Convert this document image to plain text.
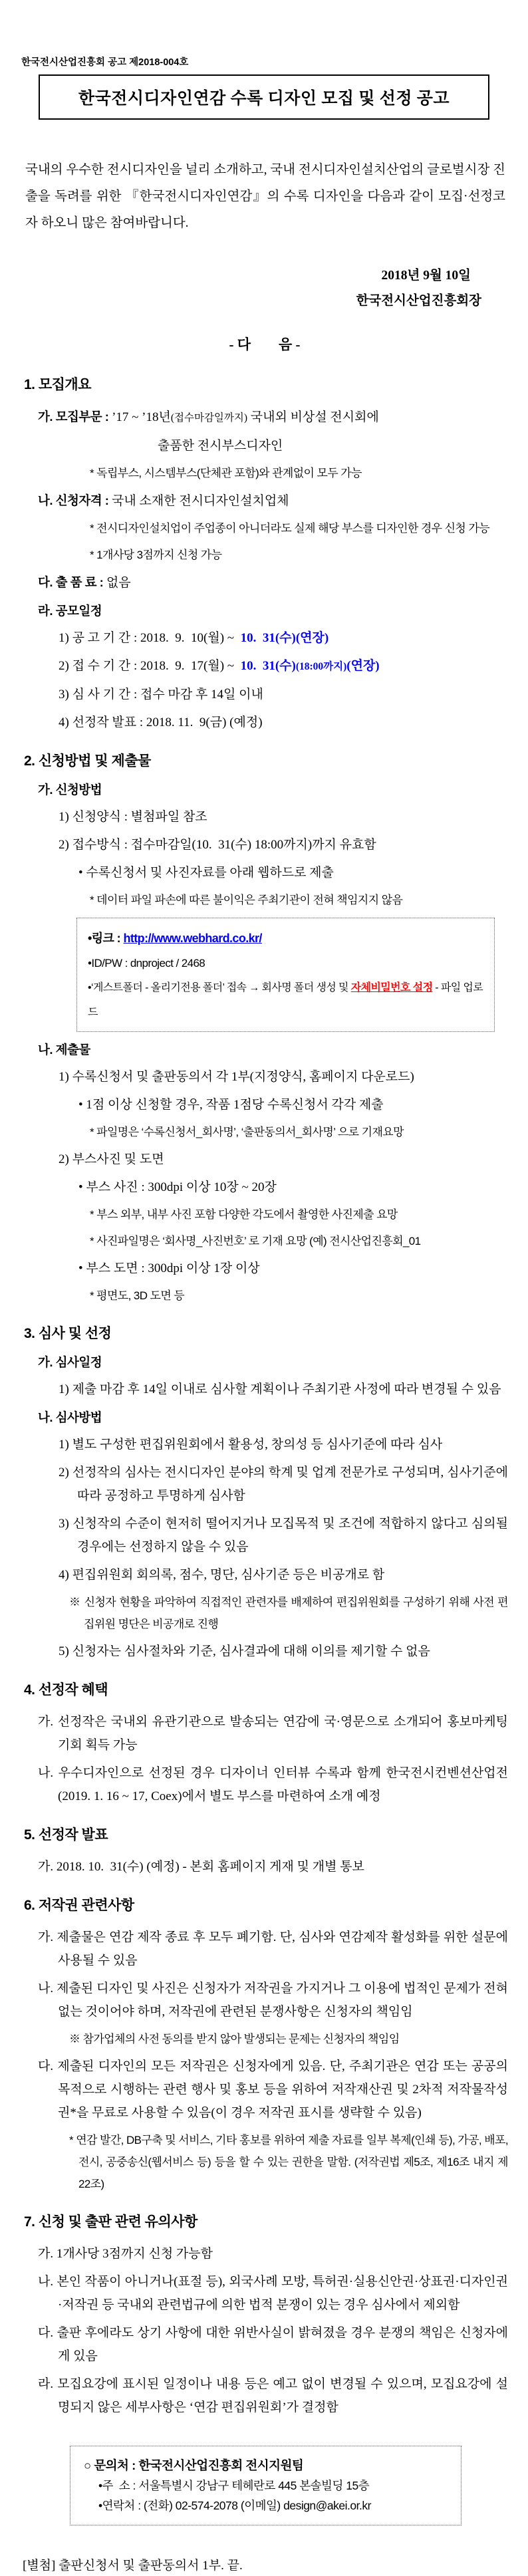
한국전시산업진흥회 공고 제2018-004호
한국전시디자인연감 수록 디자인 모집 및 선정 공고

국내의 우수한 전시디자인을 널리 소개하고, 국내 전시디자인설치산업의 글로벌시장 진출을 독려를 위한 『한국전시디자인연감』의 수록 디자인을 다음과 같이 모집·선정코자 하오니 많은 참여바랍니다.

2018년 9월 10일
한국전시산업진흥회장
- 다        음 -
1. 모집개요

가. 모집부문 : ’17 ~ ’18년(접수마감일까지) 국내외 비상설 전시회에

출품한 전시부스디자인

* 독립부스, 시스템부스(단체관 포함)와 관계없이 모두 가능

나. 신청자격 : 국내 소재한 전시디자인설치업체

* 전시디자인설치업이 주업종이 아니더라도 실제 해당 부스를 디자인한 경우 신청 가능

* 1개사당 3점까지 신청 가능

다. 출 품 료 : 없음

라. 공모일정

1) 공 고 기 간 : 2018.  9.  10(월) ~  10.  31(수)(연장)

2) 접 수 기 간 : 2018.  9.  17(월) ~  10.  31(수)(18:00까지)(연장)

3) 심 사 기 간 : 접수 마감 후 14일 이내

4) 선정작 발표 : 2018. 11.  9(금) (예정)

2. 신청방법 및 제출물

가. 신청방법

1) 신청양식 : 별첨파일 참조

2) 접수방식 : 접수마감일(10.  31(수) 18:00까지)까지 유효함

• 수록신청서 및 사진자료를 아래 웹하드로 제출

* 데이터 파일 파손에 따른 불이익은 주최기관이 전혀 책임지지 않음

•링크 : http://www.webhard.co.kr/
•ID/PW : dnproject / 2468
•‘게스트폴더 - 올리기전용 폴더’ 접속 → 회사명 폴더 생성 및 자체비밀번호 설정 - 파일 업로드

나. 제출물

1) 수록신청서 및 출판동의서 각 1부(지정양식, 홈페이지 다운로드)

• 1점 이상 신청할 경우, 작품 1점당 수록신청서 각각 제출

* 파일명은 ‘수록신청서_회사명’, ‘출판동의서_회사명’ 으로 기재요망

2) 부스사진 및 도면

• 부스 사진 : 300dpi 이상 10장 ~ 20장

* 부스 외부, 내부 사진 포함 다양한 각도에서 촬영한 사진제출 요망

* 사진파일명은 ‘회사명_사진번호’ 로 기재 요망 (예) 전시산업진흥회_01

• 부스 도면 : 300dpi 이상 1장 이상

* 평면도, 3D 도면 등

3. 심사 및 선정

가. 심사일정

1) 제출 마감 후 14일 이내로 심사할 계획이나 주최기관 사정에 따라 변경될 수 있음

나. 심사방법

1) 별도 구성한 편집위원회에서 활용성, 창의성 등 심사기준에 따라 심사

2) 선정작의 심사는 전시디자인 분야의 학계 및 업계 전문가로 구성되며, 심사기준에 따라 공정하고 투명하게 심사함

3) 신청작의 수준이 현저히 떨어지거나 모집목적 및 조건에 적합하지 않다고 심의될 경우에는 선정하지 않을 수 있음

4) 편집위원회 회의록, 점수, 명단, 심사기준 등은 비공개로 함

※ 신청자 현황을 파악하여 직접적인 관련자를 배제하여 편집위원회를 구성하기 위해 사전 편집위원 명단은 비공개로 진행

5) 신청자는 심사절차와 기준, 심사결과에 대해 이의를 제기할 수 없음

4. 선정작 혜택

가. 선정작은 국내외 유관기관으로 발송되는 연감에 국·영문으로 소개되어 홍보마케팅 기회 획득 가능

나. 우수디자인으로 선정된 경우 디자이너 인터뷰 수록과 함께 한국전시컨벤션산업전(2019. 1. 16 ~ 17, Coex)에서 별도 부스를 마련하여 소개 예정

5. 선정작 발표

가. 2018. 10.  31(수) (예정) - 본회 홈페이지 게재 및 개별 통보

6. 저작권 관련사항

가. 제출물은 연감 제작 종료 후 모두 폐기함. 단, 심사와 연감제작 활성화를 위한 설문에 사용될 수 있음

나. 제출된 디자인 및 사진은 신청자가 저작권을 가지거나 그 이용에 법적인 문제가 전혀 없는 것이어야 하며, 저작권에 관련된 분쟁사항은 신청자의 책임임

※ 참가업체의 사전 동의를 받지 않아 발생되는 문제는 신청자의 책임임

다. 제출된 디자인의 모든 저작권은 신청자에게 있음. 단, 주최기관은 연감 또는 공공의 목적으로 시행하는 관련 행사 및 홍보 등을 위하여 저작재산권 및 2차적 저작물작성권*을 무료로 사용할 수 있음(이 경우 저작권 표시를 생략할 수 있음)

* 연감 발간, DB구축 및 서비스, 기타 홍보를 위하여 제출 자료를 일부 복제(인쇄 등), 가공, 배포, 전시, 공중송신(웹서비스 등) 등을 할 수 있는 권한을 말함. (저작권법 제5조, 제16조 내지 제22조)

7. 신청 및 출판 관련 유의사항

가. 1개사당 3점까지 신청 가능함

나. 본인 작품이 아니거나(표절 등), 외국사례 모방, 특허권·실용신안권·상표권·디자인권·저작권 등 국내외 관련법규에 의한 법적 분쟁이 있는 경우 심사에서 제외함

다. 출판 후에라도 상기 사항에 대한 위반사실이 밝혀졌을 경우 분쟁의 책임은 신청자에게 있음

라. 모집요강에 표시된 일정이나 내용 등은 예고 없이 변경될 수 있으며, 모집요강에 설명되지 않은 세부사항은 ‘연감 편집위원회’가 결정함

○ 문의처 : 한국전시산업진흥회 전시지원팀
•주  소 : 서울특별시 강남구 테헤란로 445 본솔빌딩 15층
•연락처 : (전화) 02-574-2078 (이메일) design@akei.or.kr

[별첨] 출판신청서 및 출판동의서 1부. 끝.
